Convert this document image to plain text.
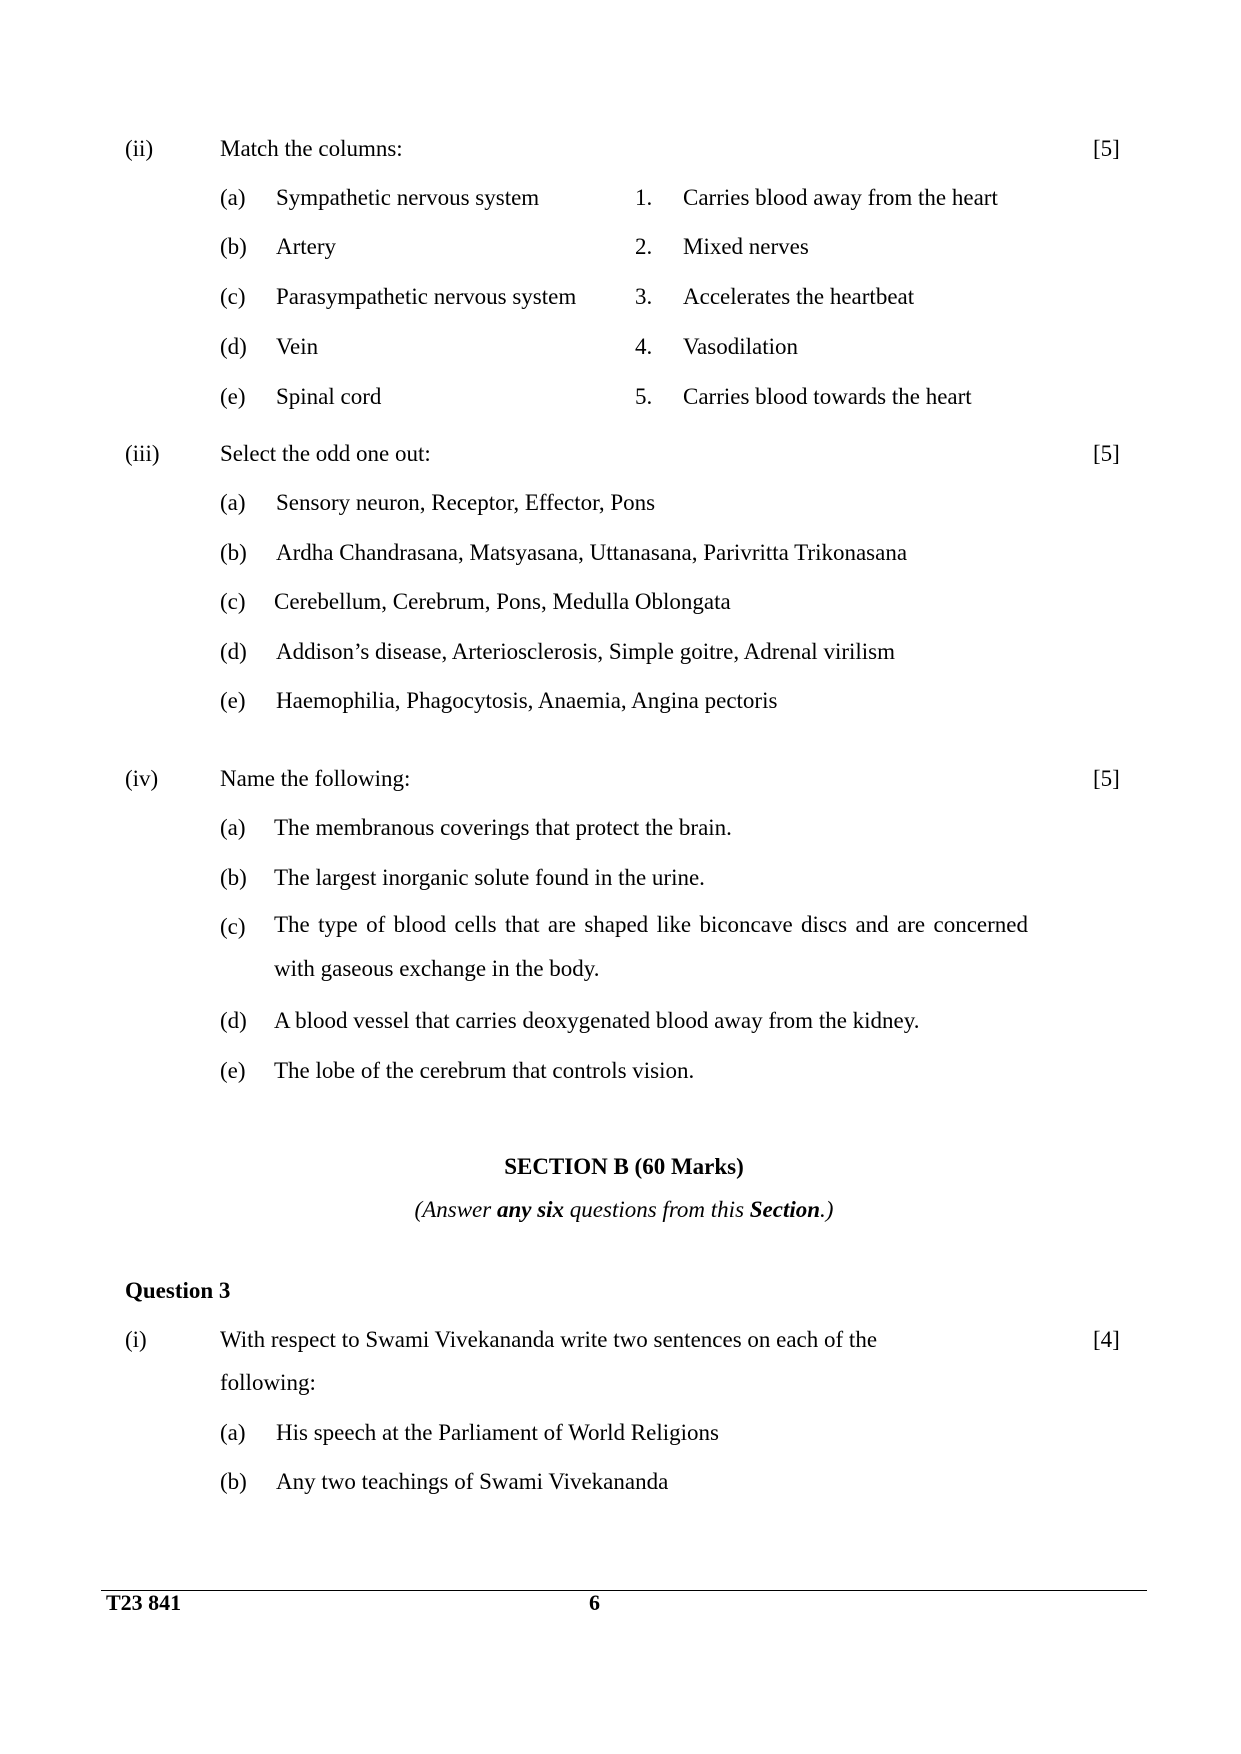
(ii)	Match the columns:	[5]
(a) Sympathetic nervous system	1. Carries blood away from the heart
(b) Artery	2. Mixed nerves
(c) Parasympathetic nervous system	3. Accelerates the heartbeat
(d) Vein	4. Vasodilation
(e) Spinal cord	5. Carries blood towards the heart
(iii)	Select the odd one out:	[5]
(a) Sensory neuron, Receptor, Effector, Pons
(b) Ardha Chandrasana, Matsyasana, Uttanasana, Parivritta Trikonasana
(c) Cerebellum, Cerebrum, Pons, Medulla Oblongata
(d) Addison’s disease, Arteriosclerosis, Simple goitre, Adrenal virilism
(e) Haemophilia, Phagocytosis, Anaemia, Angina pectoris
(iv)	Name the following:	[5]
(a) The membranous coverings that protect the brain.
(b) The largest inorganic solute found in the urine.
(c) The type of blood cells that are shaped like biconcave discs and are concerned with gaseous exchange in the body.
(d) A blood vessel that carries deoxygenated blood away from the kidney.
(e) The lobe of the cerebrum that controls vision.
SECTION B (60 Marks)
(Answer any six questions from this Section.)
Question 3
(i)	With respect to Swami Vivekananda write two sentences on each of the
following:
[4]
(a) His speech at the Parliament of World Religions
(b) Any two teachings of Swami Vivekananda
T23 841	6
